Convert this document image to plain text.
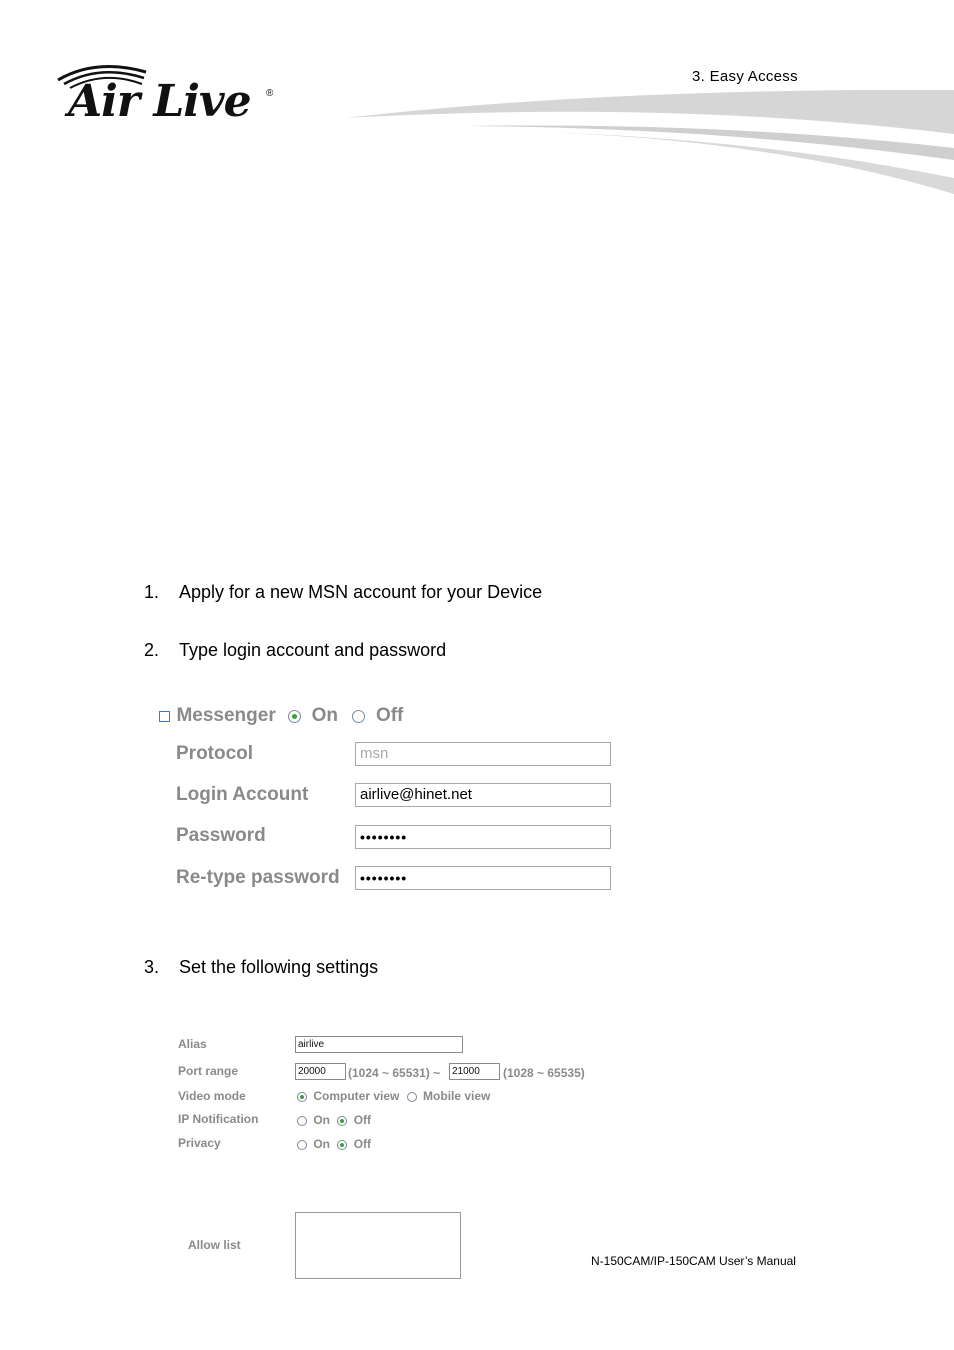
Air Live ®
3. Easy Access
1. Apply for a new MSN account for your Device
2. Type login account and password
3. Set the following settings
Messenger On Off
Protocol	msn
Login Account	airlive@hinet.net
Password	••••••••
Re-type password	••••••••
Alias	airlive
Port range	20000	(1024 ~ 65531) ~	21000	(1028 ~ 65535)
Video mode	Computer view Mobile view
IP Notification	On Off
Privacy	On Off
Allow list
N-150CAM/IP-150CAM User’s Manual
